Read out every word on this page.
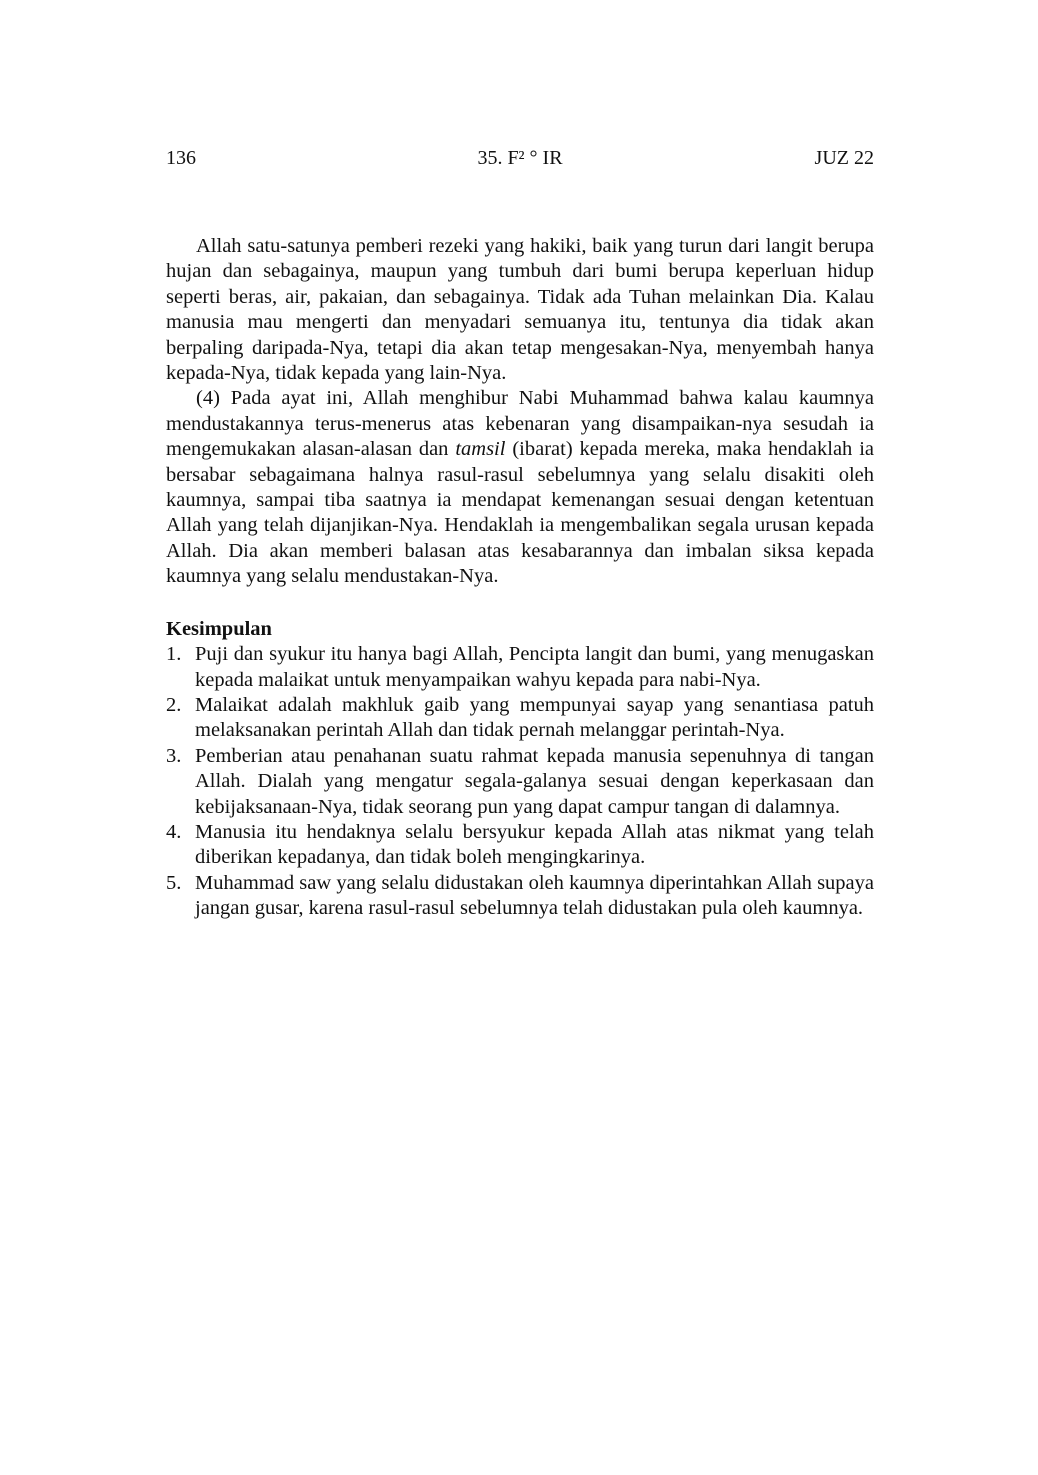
136	35. F² ° IR	JUZ 22

Allah satu-satunya pemberi rezeki yang hakiki, baik yang turun dari langit berupa hujan dan sebagainya, maupun yang tumbuh dari bumi berupa keperluan hidup seperti beras, air, pakaian, dan sebagainya. Tidak ada Tuhan melainkan Dia. Kalau manusia mau mengerti dan menyadari semuanya itu, tentunya dia tidak akan berpaling daripada-Nya, tetapi dia akan tetap mengesakan-Nya, menyembah hanya kepada-Nya, tidak kepada yang lain-Nya.

(4) Pada ayat ini, Allah menghibur Nabi Muhammad bahwa kalau kaumnya mendustakannya terus-menerus atas kebenaran yang disampaikan-nya sesudah ia mengemukakan alasan-alasan dan tamsil (ibarat) kepada mereka, maka hendaklah ia bersabar sebagaimana halnya rasul-rasul sebelumnya yang selalu disakiti oleh kaumnya, sampai tiba saatnya ia mendapat kemenangan sesuai dengan ketentuan Allah yang telah dijanjikan-Nya. Hendaklah ia mengembalikan segala urusan kepada Allah. Dia akan memberi balasan atas kesabarannya dan imbalan siksa kepada kaumnya yang selalu mendustakan-Nya.

Kesimpulan
1. Puji dan syukur itu hanya bagi Allah, Pencipta langit dan bumi, yang menugaskan kepada malaikat untuk menyampaikan wahyu kepada para nabi-Nya.
2. Malaikat adalah makhluk gaib yang mempunyai sayap yang senantiasa patuh melaksanakan perintah Allah dan tidak pernah melanggar perintah-Nya.
3. Pemberian atau penahanan suatu rahmat kepada manusia sepenuhnya di tangan Allah. Dialah yang mengatur segala-galanya sesuai dengan keperkasaan dan kebijaksanaan-Nya, tidak seorang pun yang dapat campur tangan di dalamnya.
4. Manusia itu hendaknya selalu bersyukur kepada Allah atas nikmat yang telah diberikan kepadanya, dan tidak boleh mengingkarinya.
5. Muhammad saw yang selalu didustakan oleh kaumnya diperintahkan Allah supaya jangan gusar, karena rasul-rasul sebelumnya telah didustakan pula oleh kaumnya.
